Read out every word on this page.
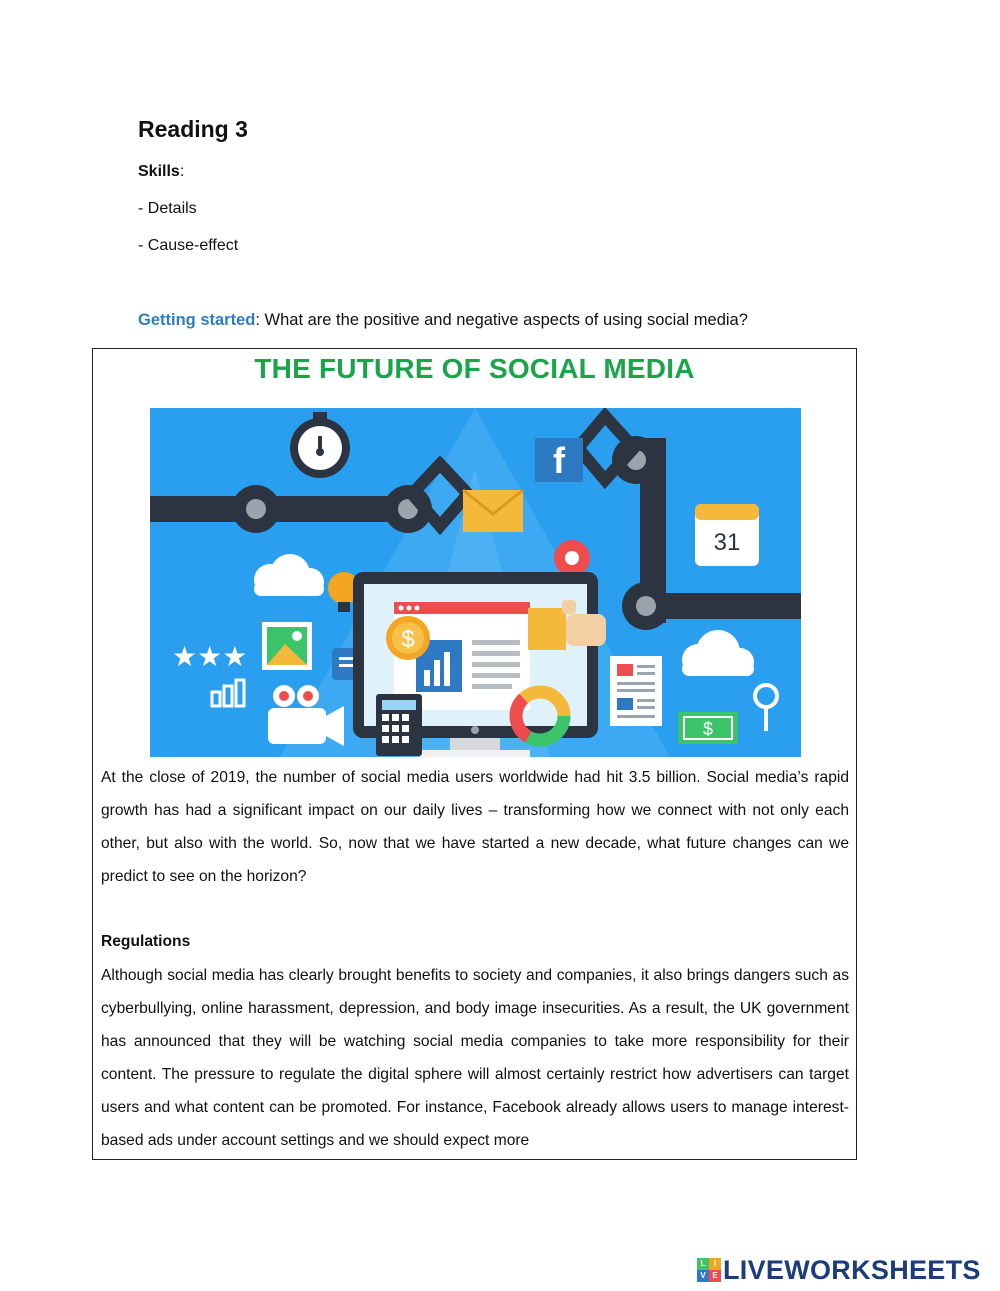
Reading 3
Skills:
- Details
- Cause-effect
Getting started: What are the positive and negative aspects of using social media?
THE FUTURE OF SOCIAL MEDIA
f
31
★★★
$
$

At the close of 2019, the number of social media users worldwide had hit 3.5 billion. Social media’s rapid growth has had a significant impact on our daily lives – transforming how we connect with not only each other, but also with the world. So, now that we have started a new decade, what future changes can we predict to see on the horizon?

Regulations

Although social media has clearly brought benefits to society and companies, it also brings dangers such as cyberbullying, online harassment, depression, and body image insecurities. As a result, the UK government has announced that they will be watching social media companies to take more responsibility for their content. The pressure to regulate the digital sphere will almost certainly restrict how advertisers can target users and what content can be promoted. For instance, Facebook already allows users to manage interest-based ads under account settings and we should expect more

L	I
V E LIVEWORKSHEETS
